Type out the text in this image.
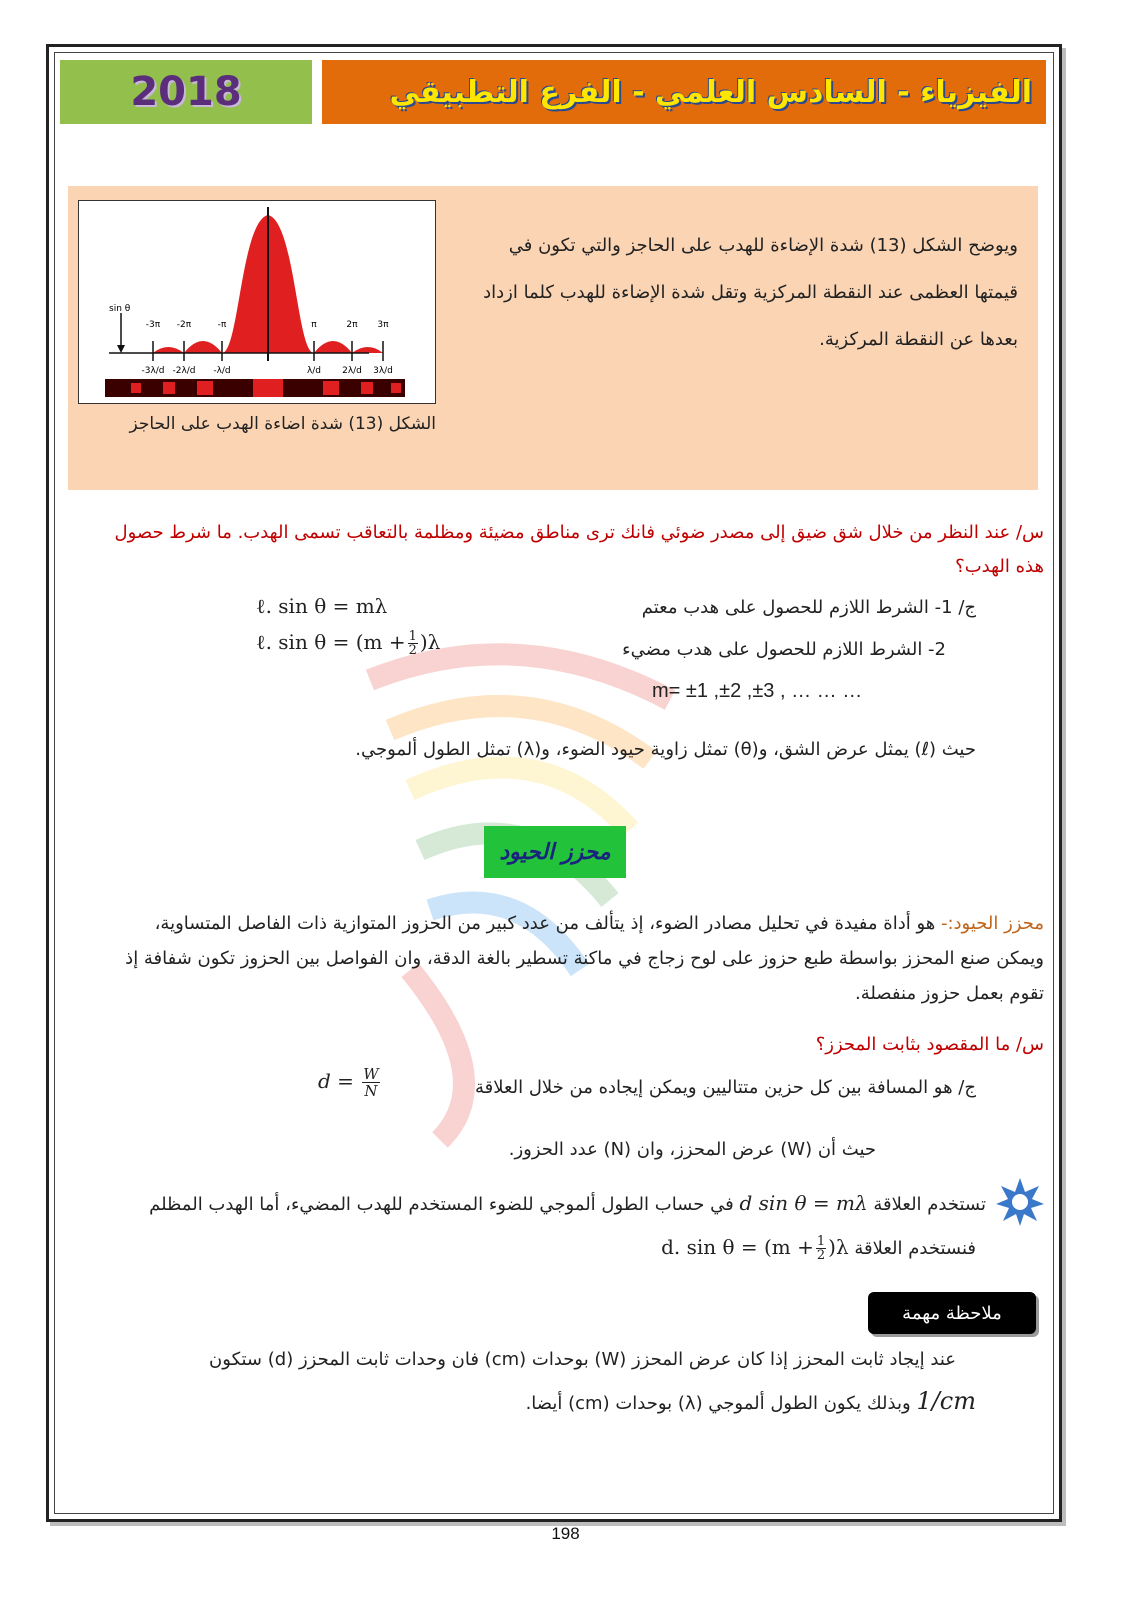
2018	الفيزياء - السادس العلمي - الفرع التطبيقي
sin θ
-3π -2π	-π	π	2π 3π
-3λ/d -2λ/d -λ/d	λ/d 2λ/d 3λ/d
الشكل (13) شدة اضاءة الهدب على الحاجز
ويوضح الشكل (13) شدة الإضاءة للهدب على الحاجز والتي تكون في قيمتها العظمى عند النقطة المركزية وتقل شدة الإضاءة للهدب كلما ازداد بعدها عن النقطة المركزية.
س/ عند النظر من خلال شق ضيق إلى مصدر ضوئي فانك ترى مناطق مضيئة ومظلمة بالتعاقب تسمى الهدب. ما شرط حصول هذه الهدب؟
ج/ 1- الشرط اللازم للحصول على هدب معتم
ℓ. sin θ = mλ
2- الشرط اللازم للحصول على هدب مضيء
ℓ. $\sin \theta = (m + \frac{1}{2} )\lambda$
m= ±1 ,±2 ,±3 , … … …
حيث (ℓ) يمثل عرض الشق، و(θ) تمثل زاوية حيود الضوء، و(λ) تمثل الطول ألموجي.
محزز الحيود
محزز الحيود:- هو أداة مفيدة في تحليل مصادر الضوء، إذ يتألف من عدد كبير من الحزوز المتوازية ذات الفاصل المتساوية، ويمكن صنع المحزز بواسطة طبع حزوز على لوح زجاج في ماكنة تسطير بالغة الدقة، وان الفواصل بين الحزوز تكون شفافة إذ تقوم بعمل حزوز منفصلة.
س/ ما المقصود بثابت المحزز؟
ج/ هو المسافة بين كل حزين متتاليين ويمكن إيجاده من خلال العلاقة
$d = \frac{W}{N}$
حيث أن (W) عرض المحزز، وان (N) عدد الحزوز.
تستخدم العلاقة d sin θ = mλ في حساب الطول ألموجي للضوء المستخدم للهدب المضيء، أما الهدب المظلم
فنستخدم العلاقة d. $\sin \theta = (m + \frac{1}{2} )\lambda$
ملاحظة مهمة
عند إيجاد ثابت المحزز إذا كان عرض المحزز (W) بوحدات (cm) فان وحدات ثابت المحزز (d) ستكون
1/cm وبذلك يكون الطول ألموجي (λ) بوحدات (cm) أيضا.
198
